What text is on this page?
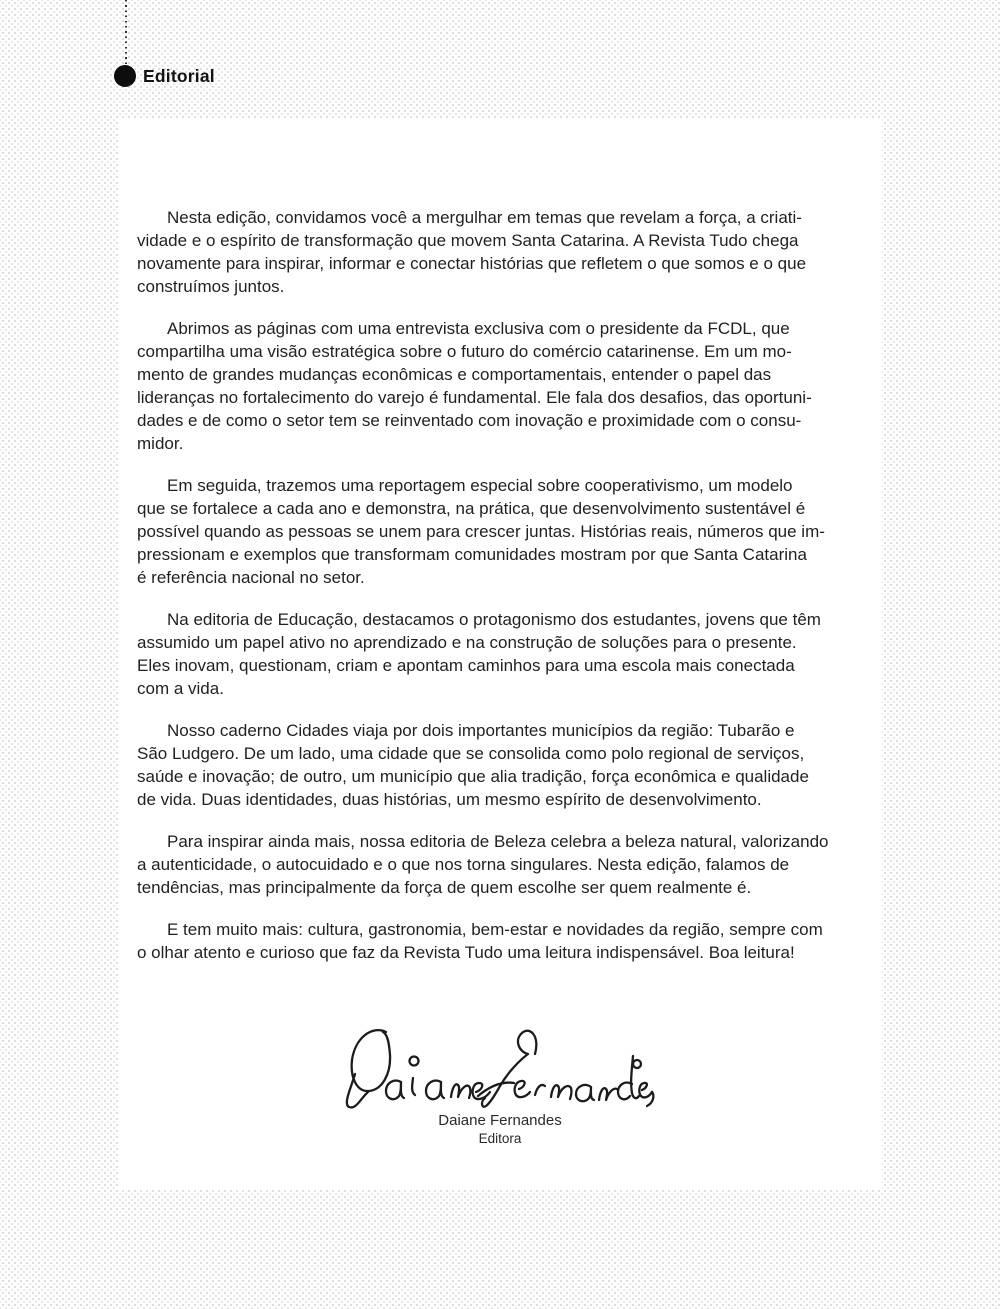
Editorial
Nesta edição, convidamos você a mergulhar em temas que revelam a força, a criati-
vidade e o espírito de transformação que movem Santa Catarina. A Revista Tudo chega
novamente para inspirar, informar e conectar histórias que refletem o que somos e o que
construímos juntos.
Abrimos as páginas com uma entrevista exclusiva com o presidente da FCDL, que
compartilha uma visão estratégica sobre o futuro do comércio catarinense. Em um mo-
mento de grandes mudanças econômicas e comportamentais, entender o papel das
lideranças no fortalecimento do varejo é fundamental. Ele fala dos desafios, das oportuni-
dades e de como o setor tem se reinventado com inovação e proximidade com o consu-
midor.
Em seguida, trazemos uma reportagem especial sobre cooperativismo, um modelo
que se fortalece a cada ano e demonstra, na prática, que desenvolvimento sustentável é
possível quando as pessoas se unem para crescer juntas. Histórias reais, números que im-
pressionam e exemplos que transformam comunidades mostram por que Santa Catarina
é referência nacional no setor.
Na editoria de Educação, destacamos o protagonismo dos estudantes, jovens que têm
assumido um papel ativo no aprendizado e na construção de soluções para o presente.
Eles inovam, questionam, criam e apontam caminhos para uma escola mais conectada
com a vida.
Nosso caderno Cidades viaja por dois importantes municípios da região: Tubarão e
São Ludgero. De um lado, uma cidade que se consolida como polo regional de serviços,
saúde e inovação; de outro, um município que alia tradição, força econômica e qualidade
de vida. Duas identidades, duas histórias, um mesmo espírito de desenvolvimento.
Para inspirar ainda mais, nossa editoria de Beleza celebra a beleza natural, valorizando
a autenticidade, o autocuidado e o que nos torna singulares. Nesta edição, falamos de
tendências, mas principalmente da força de quem escolhe ser quem realmente é.
E tem muito mais: cultura, gastronomia, bem-estar e novidades da região, sempre com
o olhar atento e curioso que faz da Revista Tudo uma leitura indispensável. Boa leitura!
Daiane Fernandes
Editora
